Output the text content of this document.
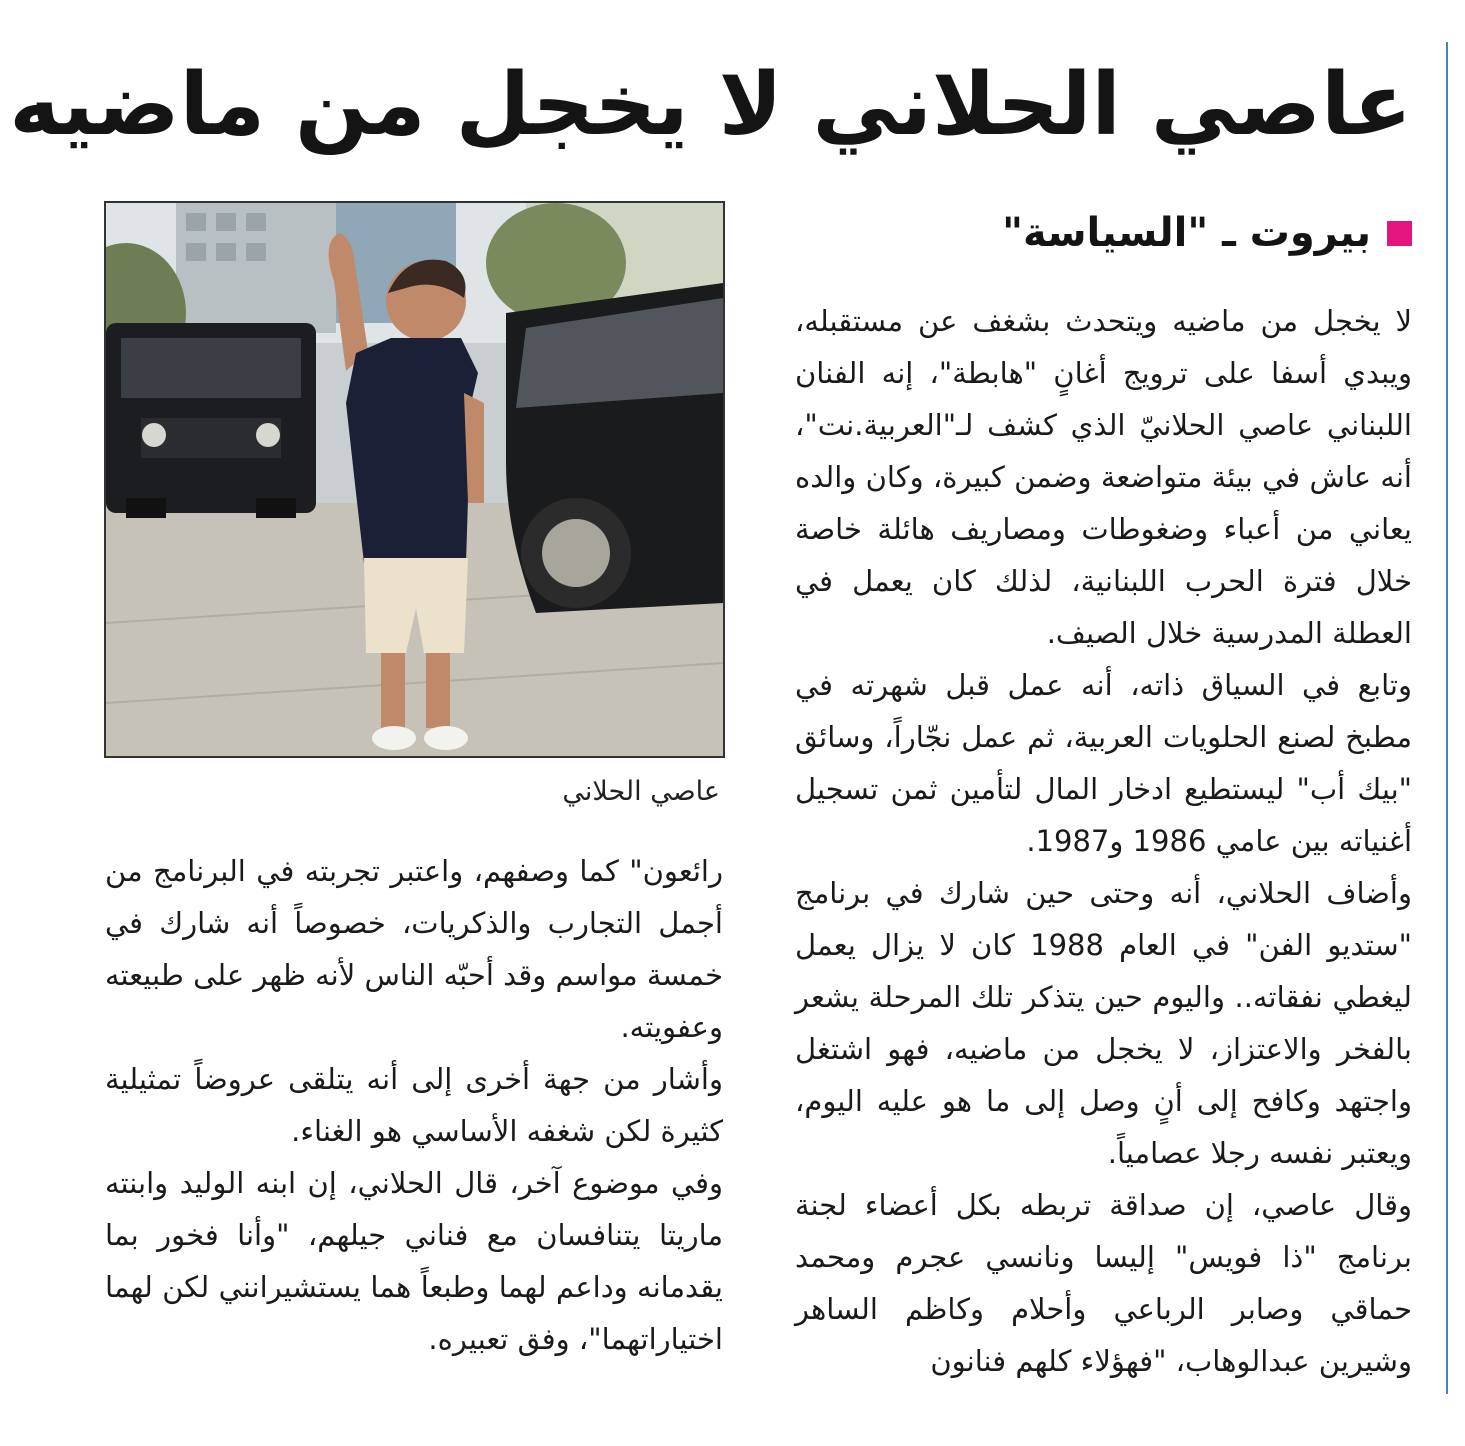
عاصي الحلاني لا يخجل من ماضيه
بيروت ـ "السياسة"

لا يخجل من ماضيه ويتحدث بشغف عن مستقبله، ويبدي أسفا على ترويج أغانٍ "هابطة"، إنه الفنان اللبناني عاصي الحلانيّ الذي كشف لـ"العربية.نت"، أنه عاش في بيئة متواضعة وضمن كبيرة، وكان والده يعاني من أعباء وضغوطات ومصاريف هائلة خاصة خلال فترة الحرب اللبنانية، لذلك كان يعمل في العطلة المدرسية خلال الصيف.

وتابع في السياق ذاته، أنه عمل قبل شهرته في مطبخ لصنع الحلويات العربية، ثم عمل نجّاراً، وسائق "بيك أب" ليستطيع ادخار المال لتأمين ثمن تسجيل أغنياته بين عامي 1986 و1987.

وأضاف الحلاني، أنه وحتى حين شارك في برنامج "ستديو الفن" في العام 1988 كان لا يزال يعمل ليغطي نفقاته.. واليوم حين يتذكر تلك المرحلة يشعر بالفخر والاعتزاز، لا يخجل من ماضيه، فهو اشتغل واجتهد وكافح إلى أنٍ وصل إلى ما هو عليه اليوم، ويعتبر نفسه رجلا عصامياً.

وقال عاصي، إن صداقة تربطه بكل أعضاء لجنة برنامج "ذا فويس" إليسا ونانسي عجرم ومحمد حماقي وصابر الرباعي وأحلام وكاظم الساهر وشيرين عبدالوهاب، "فهؤلاء كلهم فنانون

عاصي الحلاني

رائعون" كما وصفهم، واعتبر تجربته في البرنامج من أجمل التجارب والذكريات، خصوصاً أنه شارك في خمسة مواسم وقد أحبّه الناس لأنه ظهر على طبيعته وعفويته.

وأشار من جهة أخرى إلى أنه يتلقى عروضاً تمثيلية كثيرة لكن شغفه الأساسي هو الغناء.

وفي موضوع آخر، قال الحلاني، إن ابنه الوليد وابنته ماريتا يتنافسان مع فناني جيلهم، "وأنا فخور بما يقدمانه وداعم لهما وطبعاً هما يستشيرانني لكن لهما اختياراتهما"، وفق تعبيره.
